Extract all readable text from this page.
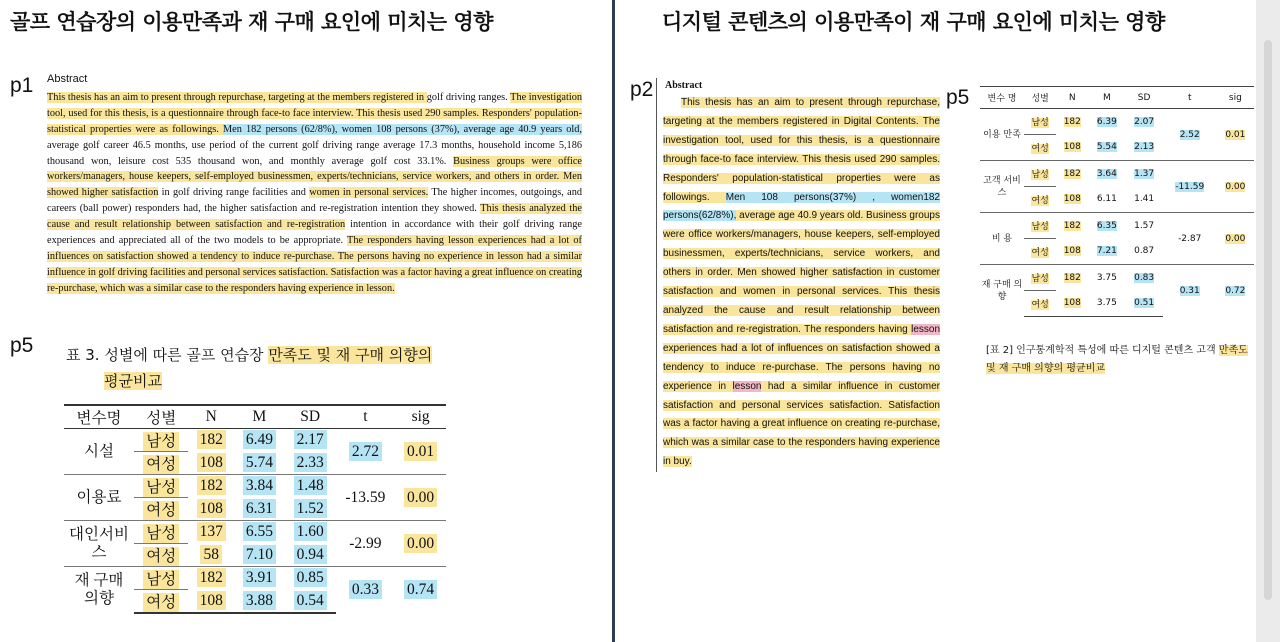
골프 연습장의 이용만족과 재 구매 요인에 미치는 영향
p1 Abstract
This thesis has an aim to present through repurchase, targeting at the members registered in golf driving ranges. The investigation tool, used for this thesis, is a questionnaire through face-to face interview. This thesis used 290 samples. Responders' population-statistical properties were as followings. Men 182 persons (62/8%), women 108 persons (37%), average age 40.9 years old, average golf career 46.5 months, use period of the current golf driving range average 17.3 months, household income 5,186 thousand won, leisure cost 535 thousand won, and monthly average golf cost 33.1%. Business groups were office workers/managers, house keepers, self-employed businessmen, experts/technicians, service workers, and others in order. Men showed higher satisfaction in golf driving range facilities and women in personal services. The higher incomes, outgoings, and careers (ball power) responders had, the higher satisfaction and re-registration intention they showed. This thesis analyzed the cause and result relationship between satisfaction and re-registration intention in accordance with their golf driving range experiences and appreciated all of the two models to be appropriate. The responders having lesson experiences had a lot of influences on satisfaction showed a tendency to induce re-purchase. The persons having no experience in lesson had a similar influence in golf driving facilities and personal services satisfaction. Satisfaction was a factor having a great influence on creating re-purchase, which was a similar case to the responders having experience in lesson.
p5 표 3. 성별에 따른 골프 연습장 만족도 및 재 구매 의향의
평균비교
변수명	성별	N	M	SD	t	sig
시설	남성	182	6.49	2.17	2.72	0.01
	여성	108	5.74	2.33		
이용료	남성	182	3.84	1.48	-13.59	0.00
	여성	108	6.31	1.52		
대인서비스	남성	137	6.55	1.60	-2.99	0.00
	여성	58	7.10	0.94		
재 구매 의향	남성	182	3.91	0.85	0.33	0.74
	여성	108	3.88	0.54		
디지털 콘텐츠의 이용만족이 재 구매 요인에 미치는 영향
p2 Abstract
This thesis has an aim to present through repurchase, targeting at the members registered in Digital Contents. The investigation tool, used for this thesis, is a questionnaire through face-to face interview. This thesis used 290 samples. Responders' population-statistical properties were as followings. Men 108 persons(37%) , women182 persons(62/8%), average age 40.9 years old. Business groups were office workers/managers, house keepers, self-employed businessmen, experts/technicians, service workers, and others in order. Men showed higher satisfaction in customer satisfaction and women in personal services. This thesis analyzed the cause and result relationship between satisfaction and re-registration. The responders having lesson experiences had a lot of influences on satisfaction showed a tendency to induce re-purchase. The persons having no experience in lesson had a similar influence in customer satisfaction and personal services satisfaction. Satisfaction was a factor having a great influence on creating re-purchase, which was a similar case to the responders having experience in buy.
p5 변수 명	성별	N	M	SD	t	sig
이용 만족	남성	182	6.39	2.07	2.52	0.01
	여성	108	5.54	2.13		
고객 서비스	남성	182	3.64	1.37	-11.59	0.00
	여성	108	6.11	1.41		
비 용	남성	182	6.35	1.57	-2.87	0.00
	여성	108	7.21	0.87		
재 구매 의향	남성	182	3.75	0.83	0.31	0.72
	여성	108	3.75	0.51		
[표 2] 인구통계학적 특성에 따른 디지털 콘텐츠 고객 만족도 및 재 구매 의향의 평균비교
